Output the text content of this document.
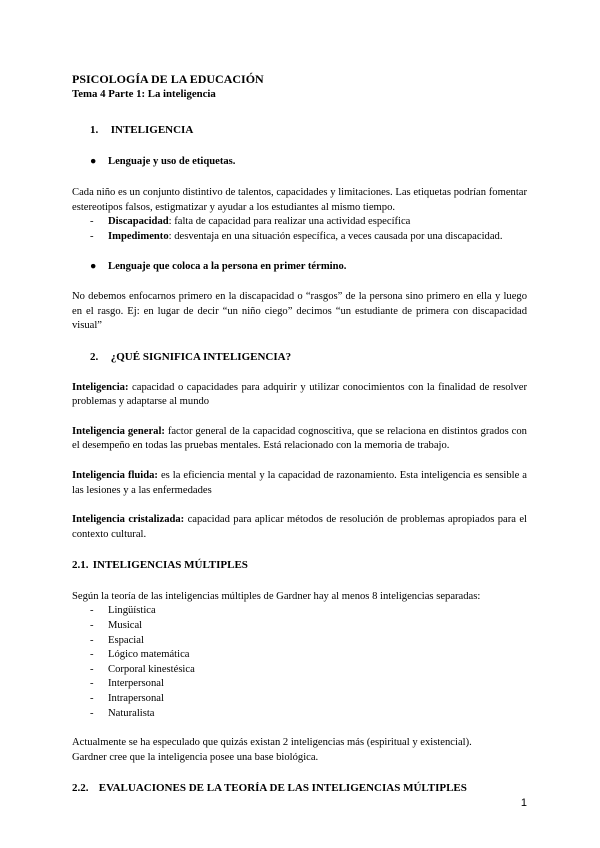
PSICOLOGÍA DE LA EDUCACIÓN
Tema 4 Parte 1: La inteligencia
1. INTELIGENCIA
● Lenguaje y uso de etiquetas.

Cada niño es un conjunto distintivo de talentos, capacidades y limitaciones. Las etiquetas podrían fomentar estereotipos falsos, estigmatizar y ayudar a los estudiantes al mismo tiempo.

- Discapacidad: falta de capacidad para realizar una actividad específica
- Impedimento: desventaja en una situación específica, a veces causada por una discapacidad.
● Lenguaje que coloca a la persona en primer término.

No debemos enfocarnos primero en la discapacidad o “rasgos” de la persona sino primero en ella y luego en el rasgo. Ej: en lugar de decir “un niño ciego” decimos “un estudiante de primera con discapacidad visual”

2. ¿QUÉ SIGNIFICA INTELIGENCIA?

Inteligencia: capacidad o capacidades para adquirir y utilizar conocimientos con la finalidad de resolver problemas y adaptarse al mundo

Inteligencia general: factor general de la capacidad cognoscitiva, que se relaciona en distintos grados con el desempeño en todas las pruebas mentales. Está relacionado con la memoria de trabajo.

Inteligencia fluida: es la eficiencia mental y la capacidad de razonamiento. Esta inteligencia es sensible a las lesiones y a las enfermedades

Inteligencia cristalizada: capacidad para aplicar métodos de resolución de problemas apropiados para el contexto cultural.

2.1. INTELIGENCIAS MÚLTIPLES

Según la teoría de las inteligencias múltiples de Gardner hay al menos 8 inteligencias separadas:

- Lingüística
- Musical
- Espacial
- Lógico matemática
- Corporal kinestésica
- Interpersonal
- Intrapersonal
- Naturalista

Actualmente se ha especulado que quizás existan 2 inteligencias más (espiritual y existencial).

Gardner cree que la inteligencia posee una base biológica.

2.2. EVALUACIONES DE LA TEORÍA DE LAS INTELIGENCIAS MÚLTIPLES
1
